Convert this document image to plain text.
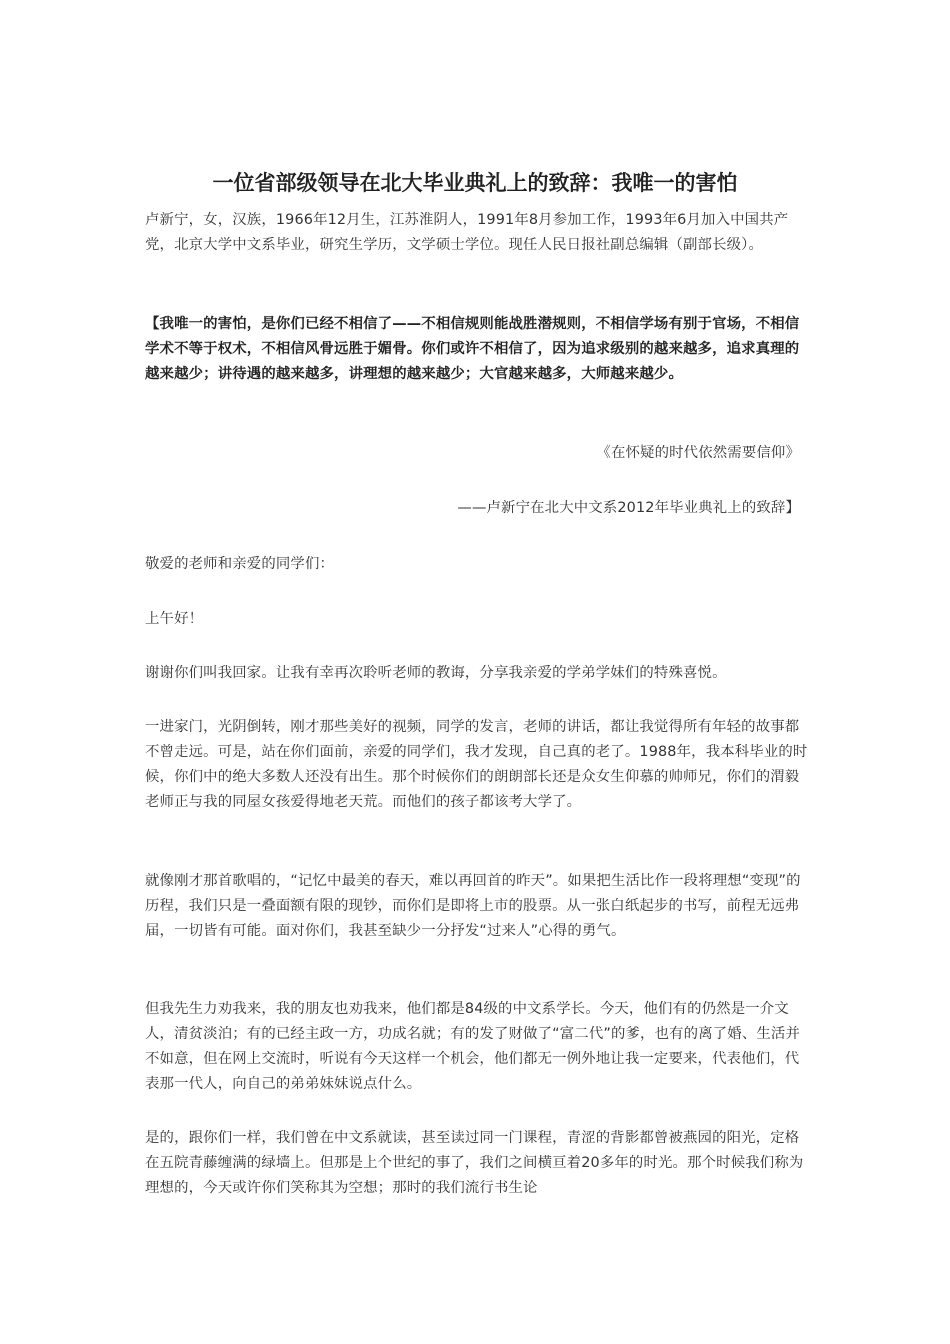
一位省部级领导在北大毕业典礼上的致辞：我唯一的害怕

卢新宁，女，汉族，1966年12月生，江苏淮阴人，1991年8月参加工作，1993年6月加入中国共产党，北京大学中文系毕业，研究生学历，文学硕士学位。现任人民日报社副总编辑（副部长级）。

【我唯一的害怕，是你们已经不相信了——不相信规则能战胜潜规则，不相信学场有别于官场，不相信学术不等于权术，不相信风骨远胜于媚骨。你们或许不相信了，因为追求级别的越来越多，追求真理的越来越少；讲待遇的越来越多，讲理想的越来越少；大官越来越多，大师越来越少。

《在怀疑的时代依然需要信仰》

——卢新宁在北大中文系2012年毕业典礼上的致辞】

敬爱的老师和亲爱的同学们：

上午好！

谢谢你们叫我回家。让我有幸再次聆听老师的教诲，分享我亲爱的学弟学妹们的特殊喜悦。

一进家门，光阴倒转，刚才那些美好的视频，同学的发言，老师的讲话，都让我觉得所有年轻的故事都不曾走远。可是，站在你们面前，亲爱的同学们，我才发现，自己真的老了。1988年，我本科毕业的时候，你们中的绝大多数人还没有出生。那个时候你们的朗朗部长还是众女生仰慕的帅师兄，你们的渭毅老师正与我的同屋女孩爱得地老天荒。而他们的孩子都该考大学了。

就像刚才那首歌唱的，“记忆中最美的春天，难以再回首的昨天”。如果把生活比作一段将理想“变现”的历程，我们只是一叠面额有限的现钞，而你们是即将上市的股票。从一张白纸起步的书写，前程无远弗届，一切皆有可能。面对你们，我甚至缺少一分抒发“过来人”心得的勇气。

但我先生力劝我来，我的朋友也劝我来，他们都是84级的中文系学长。今天，他们有的仍然是一介文人，清贫淡泊；有的已经主政一方，功成名就；有的发了财做了“富二代”的爹，也有的离了婚、生活并不如意，但在网上交流时，听说有今天这样一个机会，他们都无一例外地让我一定要来，代表他们，代表那一代人，向自己的弟弟妹妹说点什么。

是的，跟你们一样，我们曾在中文系就读，甚至读过同一门课程，青涩的背影都曾被燕园的阳光，定格在五院青藤缠满的绿墙上。但那是上个世纪的事了，我们之间横亘着20多年的时光。那个时候我们称为理想的，今天或许你们笑称其为空想；那时的我们流行书生论
